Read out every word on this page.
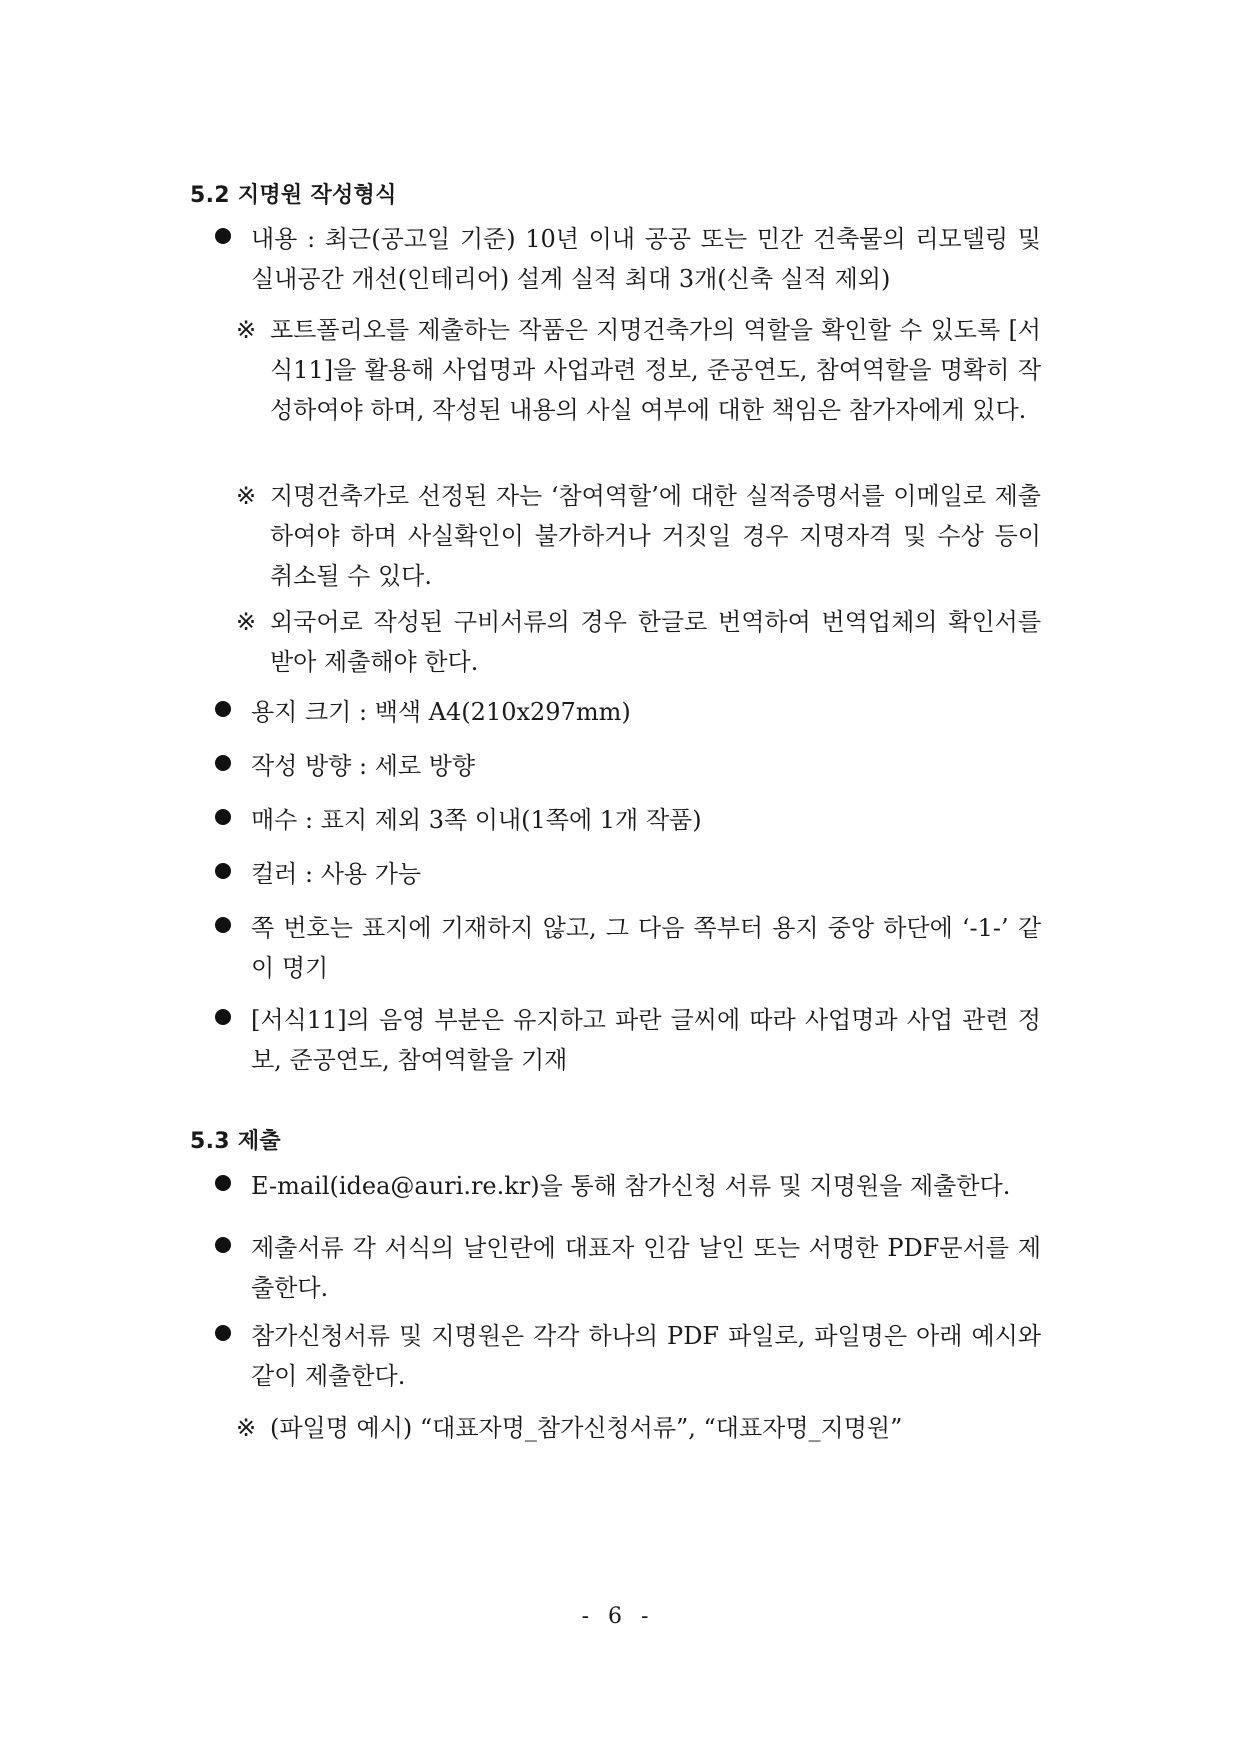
5.2 지명원 작성형식
내용 : 최근(공고일 기준) 10년 이내 공공 또는 민간 건축물의 리모델링 및 실내공간 개선(인테리어) 설계 실적 최대 3개(신축 실적 제외)
※ 포트폴리오를 제출하는 작품은 지명건축가의 역할을 확인할 수 있도록 [서식11]을 활용해 사업명과 사업과련 정보, 준공연도, 참여역할을 명확히 작성하여야 하며, 작성된 내용의 사실 여부에 대한 책임은 참가자에게 있다.
※ 지명건축가로 선정된 자는 ‘참여역할’에 대한 실적증명서를 이메일로 제출하여야 하며 사실확인이 불가하거나 거짓일 경우 지명자격 및 수상 등이 취소될 수 있다.
※ 외국어로 작성된 구비서류의 경우 한글로 번역하여 번역업체의 확인서를 받아 제출해야 한다.
용지 크기 : 백색 A4(210x297mm)
작성 방향 : 세로 방향
매수 : 표지 제외 3쪽 이내(1쪽에 1개 작품)
컬러 : 사용 가능
쪽 번호는 표지에 기재하지 않고, 그 다음 쪽부터 용지 중앙 하단에 ‘-1-’ 같이 명기
[서식11]의 음영 부분은 유지하고 파란 글씨에 따라 사업명과 사업 관련 정보, 준공연도, 참여역할을 기재
5.3 제출
E-mail(idea@auri.re.kr)을 통해 참가신청 서류 및 지명원을 제출한다.
제출서류 각 서식의 날인란에 대표자 인감 날인 또는 서명한 PDF문서를 제출한다.
참가신청서류 및 지명원은 각각 하나의 PDF 파일로, 파일명은 아래 예시와 같이 제출한다.
※ (파일명 예시) “대표자명_참가신청서류”, “대표자명_지명원”
- 6 -
